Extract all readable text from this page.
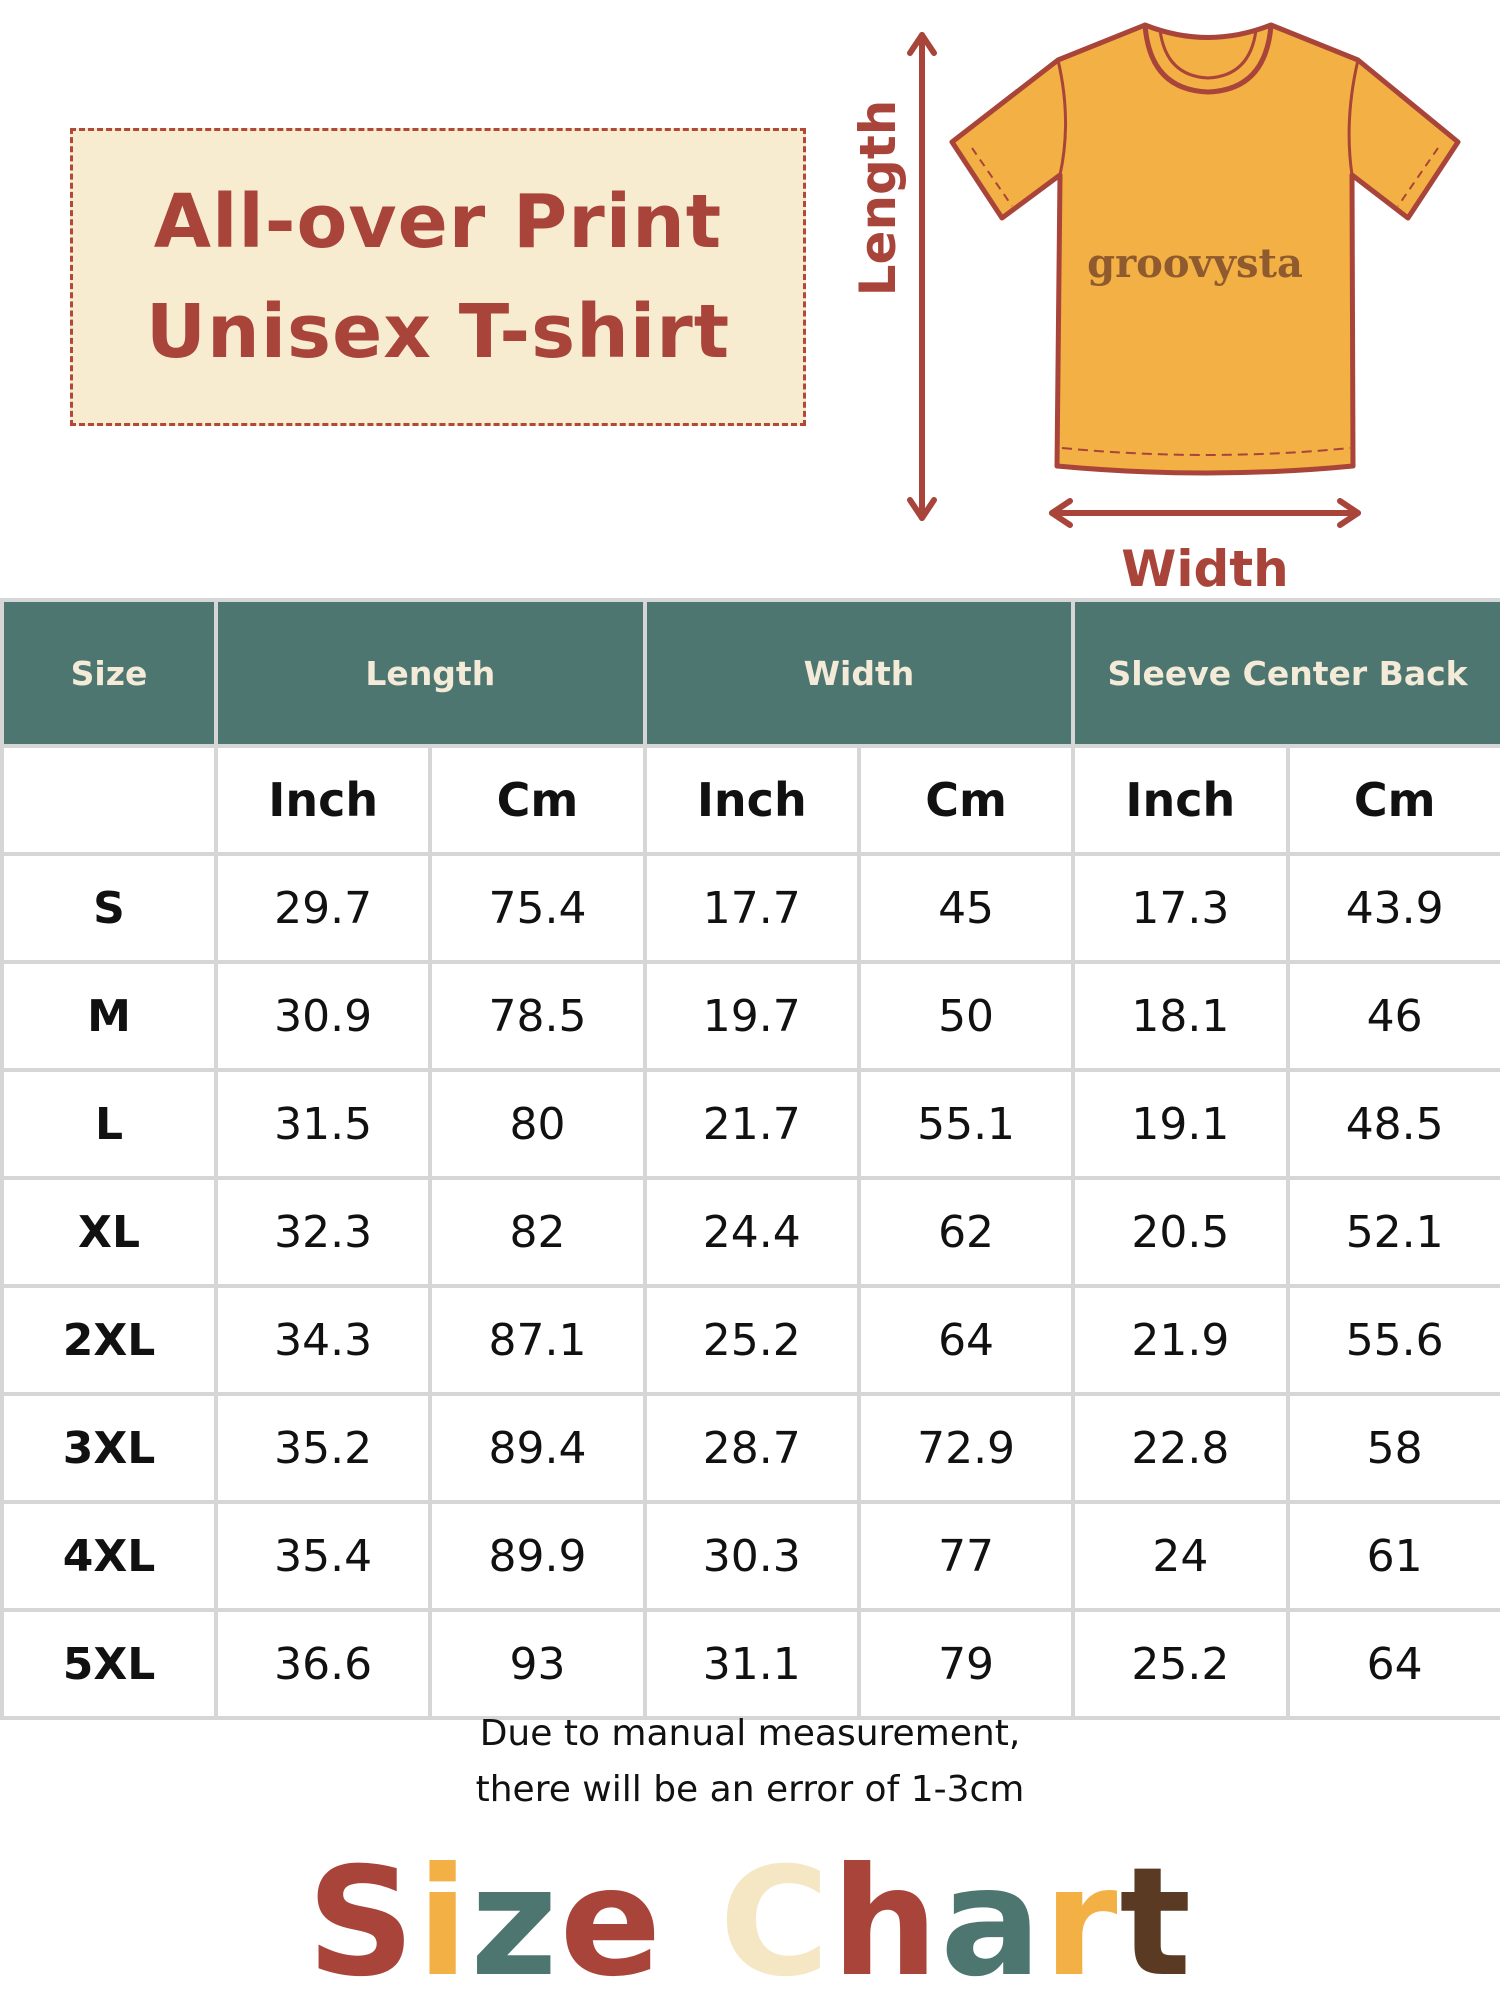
All-over Print
Unisex T-shirt
groovysta
Length
Width
Size	Length		Width		Sleeve Center Back	
	Inch	Cm	Inch	Cm	Inch	Cm
S	29.7	75.4	17.7	45	17.3	43.9
M	30.9	78.5	19.7	50	18.1	46
L	31.5	80	21.7	55.1	19.1	48.5
XL	32.3	82	24.4	62	20.5	52.1
2XL	34.3	87.1	25.2	64	21.9	55.6
3XL	35.2	89.4	28.7	72.9	22.8	58
4XL	35.4	89.9	30.3	77	24	61
5XL	36.6	93	31.1	79	25.2	64
Due to manual measurement,
there will be an error of 1-3cm
Size Chart
